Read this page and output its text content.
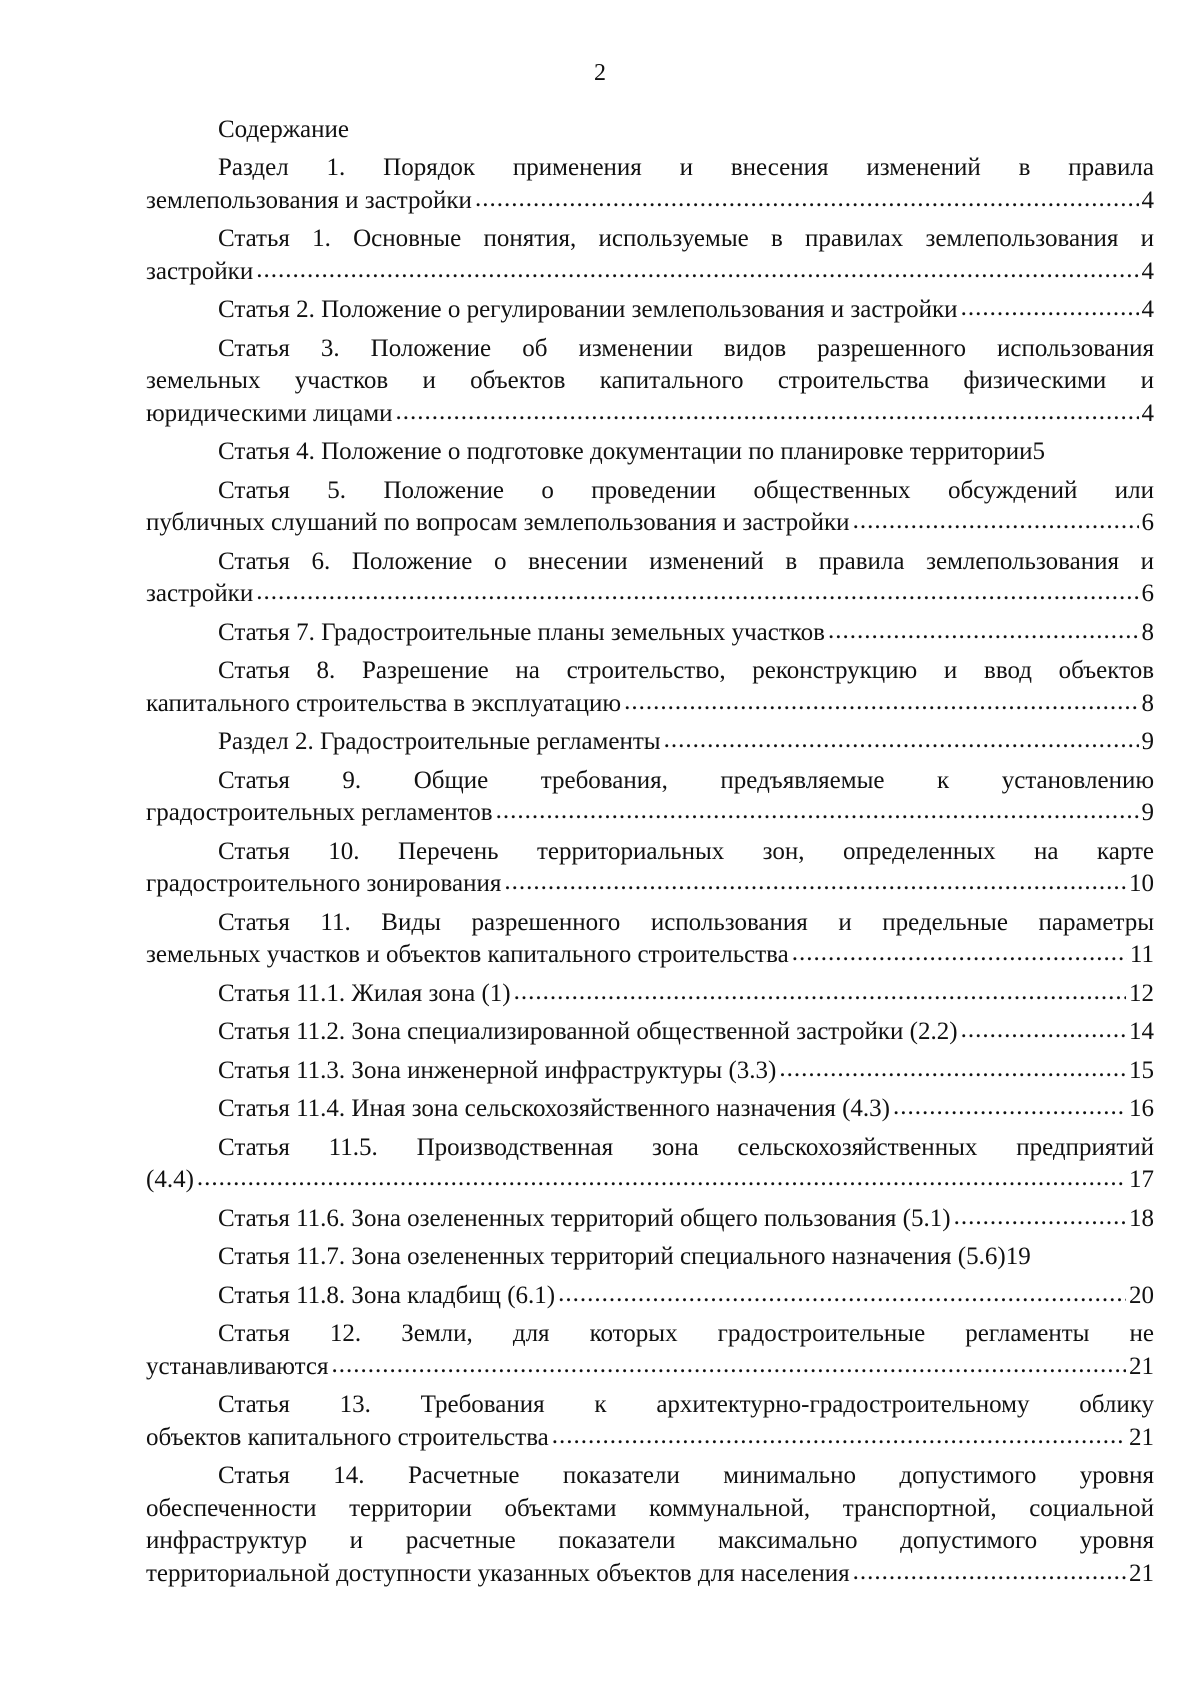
2
Содержание
Раздел 1. Порядок применения и внесения изменений в правила
землепользования и застройки .....	4
Статья 1. Основные понятия, используемые в правилах землепользования и
застройки .....	4
Статья 2. Положение о регулировании землепользования и застройки .....	4
Статья 3. Положение об изменении видов разрешенного использования
земельных участков и объектов капитального строительства физическими и
юридическими лицами .....	4
Статья 4. Положение о подготовке документации по планировке территории 5
Статья 5. Положение о проведении общественных обсуждений или
публичных слушаний по вопросам землепользования и застройки .....	6
Статья 6. Положение о внесении изменений в правила землепользования и
застройки .....	6
Статья 7. Градостроительные планы земельных участков .....	8
Статья 8. Разрешение на строительство, реконструкцию и ввод объектов
капитального строительства в эксплуатацию .....	8
Раздел 2. Градостроительные регламенты .....	9
Статья 9. Общие требования, предъявляемые к установлению
градостроительных регламентов .....	9
Статья 10. Перечень территориальных зон, определенных на карте
градостроительного зонирования .....	10
Статья 11. Виды разрешенного использования и предельные параметры
земельных участков и объектов капитального строительства .....	11
Статья 11.1. Жилая зона (1) .....	12
Статья 11.2. Зона специализированной общественной застройки (2.2) .....	14
Статья 11.3. Зона инженерной инфраструктуры (3.3) .....	15
Статья 11.4. Иная зона сельскохозяйственного назначения (4.3) .....	16
Статья 11.5. Производственная зона сельскохозяйственных предприятий
(4.4) .....	17
Статья 11.6. Зона озелененных территорий общего пользования (5.1) .....	18
Статья 11.7. Зона озелененных территорий специального назначения (5.6) 19
Статья 11.8. Зона кладбищ (6.1) .....	20
Статья 12. Земли, для которых градостроительные регламенты не
устанавливаются .....	21
Статья 13. Требования к архитектурно-градостроительному облику
объектов капитального строительства .....	21
Статья 14. Расчетные показатели минимально допустимого уровня
обеспеченности территории объектами коммунальной, транспортной, социальной
инфраструктур и расчетные показатели максимально допустимого уровня
территориальной доступности указанных объектов для населения .....	21
